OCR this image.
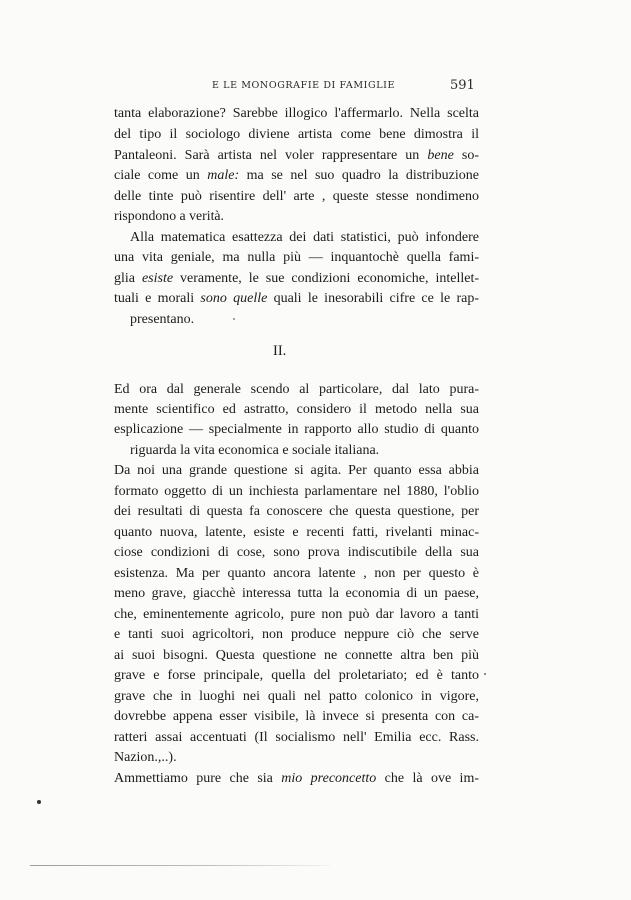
E LE MONOGRAFIE DI FAMIGLIE	591
tanta elaborazione? Sarebbe illogico l'affermarlo. Nella scelta
del tipo il sociologo diviene artista come bene dimostra il
Pantaleoni. Sarà artista nel voler rappresentare un bene so-
ciale come un male: ma se nel suo quadro la distribuzione
delle tinte può risentire dell' arte , queste stesse nondimeno
rispondono a verità.
Alla matematica esattezza dei dati statistici, può infondere
una vita geniale, ma nulla più — inquantochè quella fami-
glia esiste veramente, le sue condizioni economiche, intellet-
tuali e morali sono quelle quali le inesorabili cifre ce le rap-
presentano.
Ed ora dal generale scendo al particolare, dal lato pura-
mente scientifico ed astratto, considero il metodo nella sua
esplicazione — specialmente in rapporto allo studio di quanto
riguarda la vita economica e sociale italiana.
Da noi una grande questione si agita. Per quanto essa abbia
formato oggetto di un inchiesta parlamentare nel 1880, l'oblio
dei resultati di questa fa conoscere che questa questione, per
quanto nuova, latente, esiste e recenti fatti, rivelanti minac-
ciose condizioni di cose, sono prova indiscutibile della sua
esistenza. Ma per quanto ancora latente , non per questo è
meno grave, giacchè interessa tutta la economia di un paese,
che, eminentemente agricolo, pure non può dar lavoro a tanti
e tanti suoi agricoltori, non produce neppure ciò che serve
ai suoi bisogni. Questa questione ne connette altra ben più
grave e forse principale, quella del proletariato; ed è tanto
grave che in luoghi nei quali nel patto colonico in vigore,
dovrebbe appena esser visibile, là invece si presenta con ca-
ratteri assai accentuati (Il socialismo nell' Emilia ecc. Rass.
Nazion.,..).
Ammettiamo pure che sia mio preconcetto che là ove im-
II.
